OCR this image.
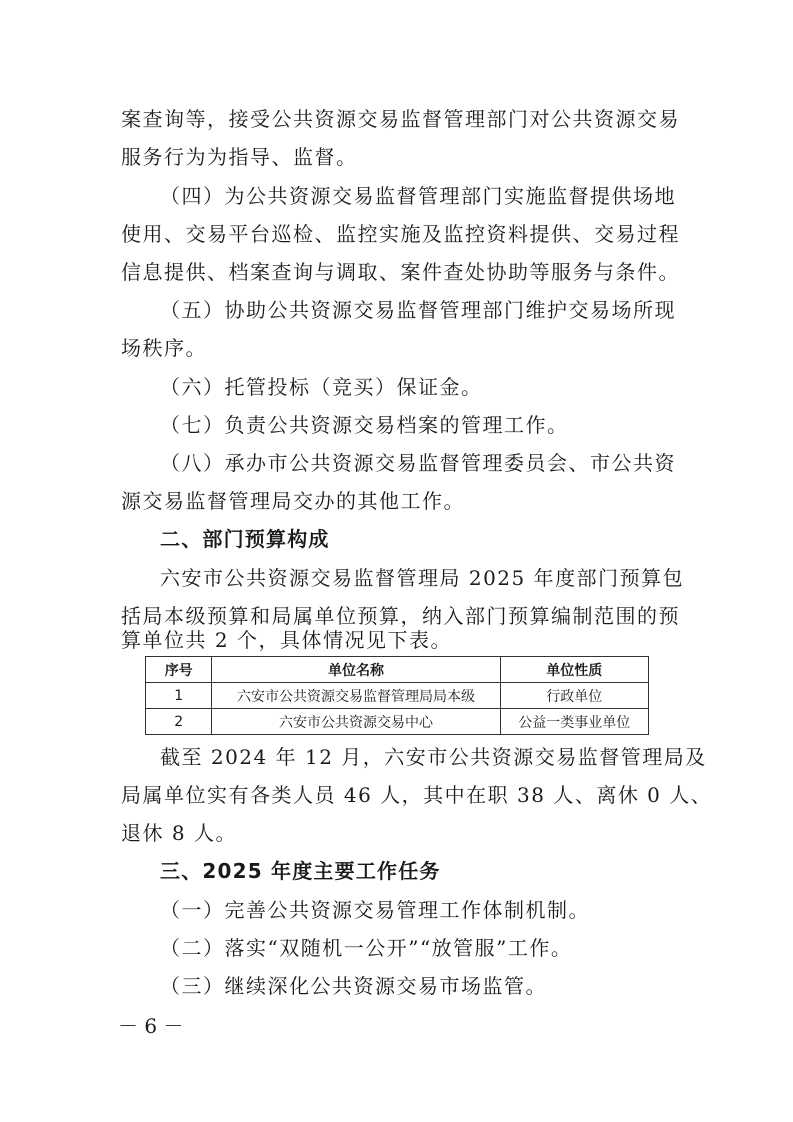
案查询等，接受公共资源交易监督管理部门对公共资源交易
服务行为为指导、监督。
（四）为公共资源交易监督管理部门实施监督提供场地
使用、交易平台巡检、监控实施及监控资料提供、交易过程
信息提供、档案查询与调取、案件查处协助等服务与条件。
（五）协助公共资源交易监督管理部门维护交易场所现
场秩序。
（六）托管投标（竞买）保证金。
（七）负责公共资源交易档案的管理工作。
（八）承办市公共资源交易监督管理委员会、市公共资
源交易监督管理局交办的其他工作。
二、部门预算构成
六安市公共资源交易监督管理局 2025 年度部门预算包
括局本级预算和局属单位预算，纳入部门预算编制范围的预
算单位共 2 个，具体情况见下表。
序号	单位名称	单位性质
1	六安市公共资源交易监督管理局局本级	行政单位
2	六安市公共资源交易中心	公益一类事业单位
截至 2024 年 12 月，六安市公共资源交易监督管理局及
局属单位实有各类人员 46 人，其中在职 38 人、离休 0 人、
退休 8 人。
三、2025 年度主要工作任务
（一）完善公共资源交易管理工作体制机制。
（二）落实“双随机一公开”“放管服”工作。
（三）继续深化公共资源交易市场监管。
－ 6 －
